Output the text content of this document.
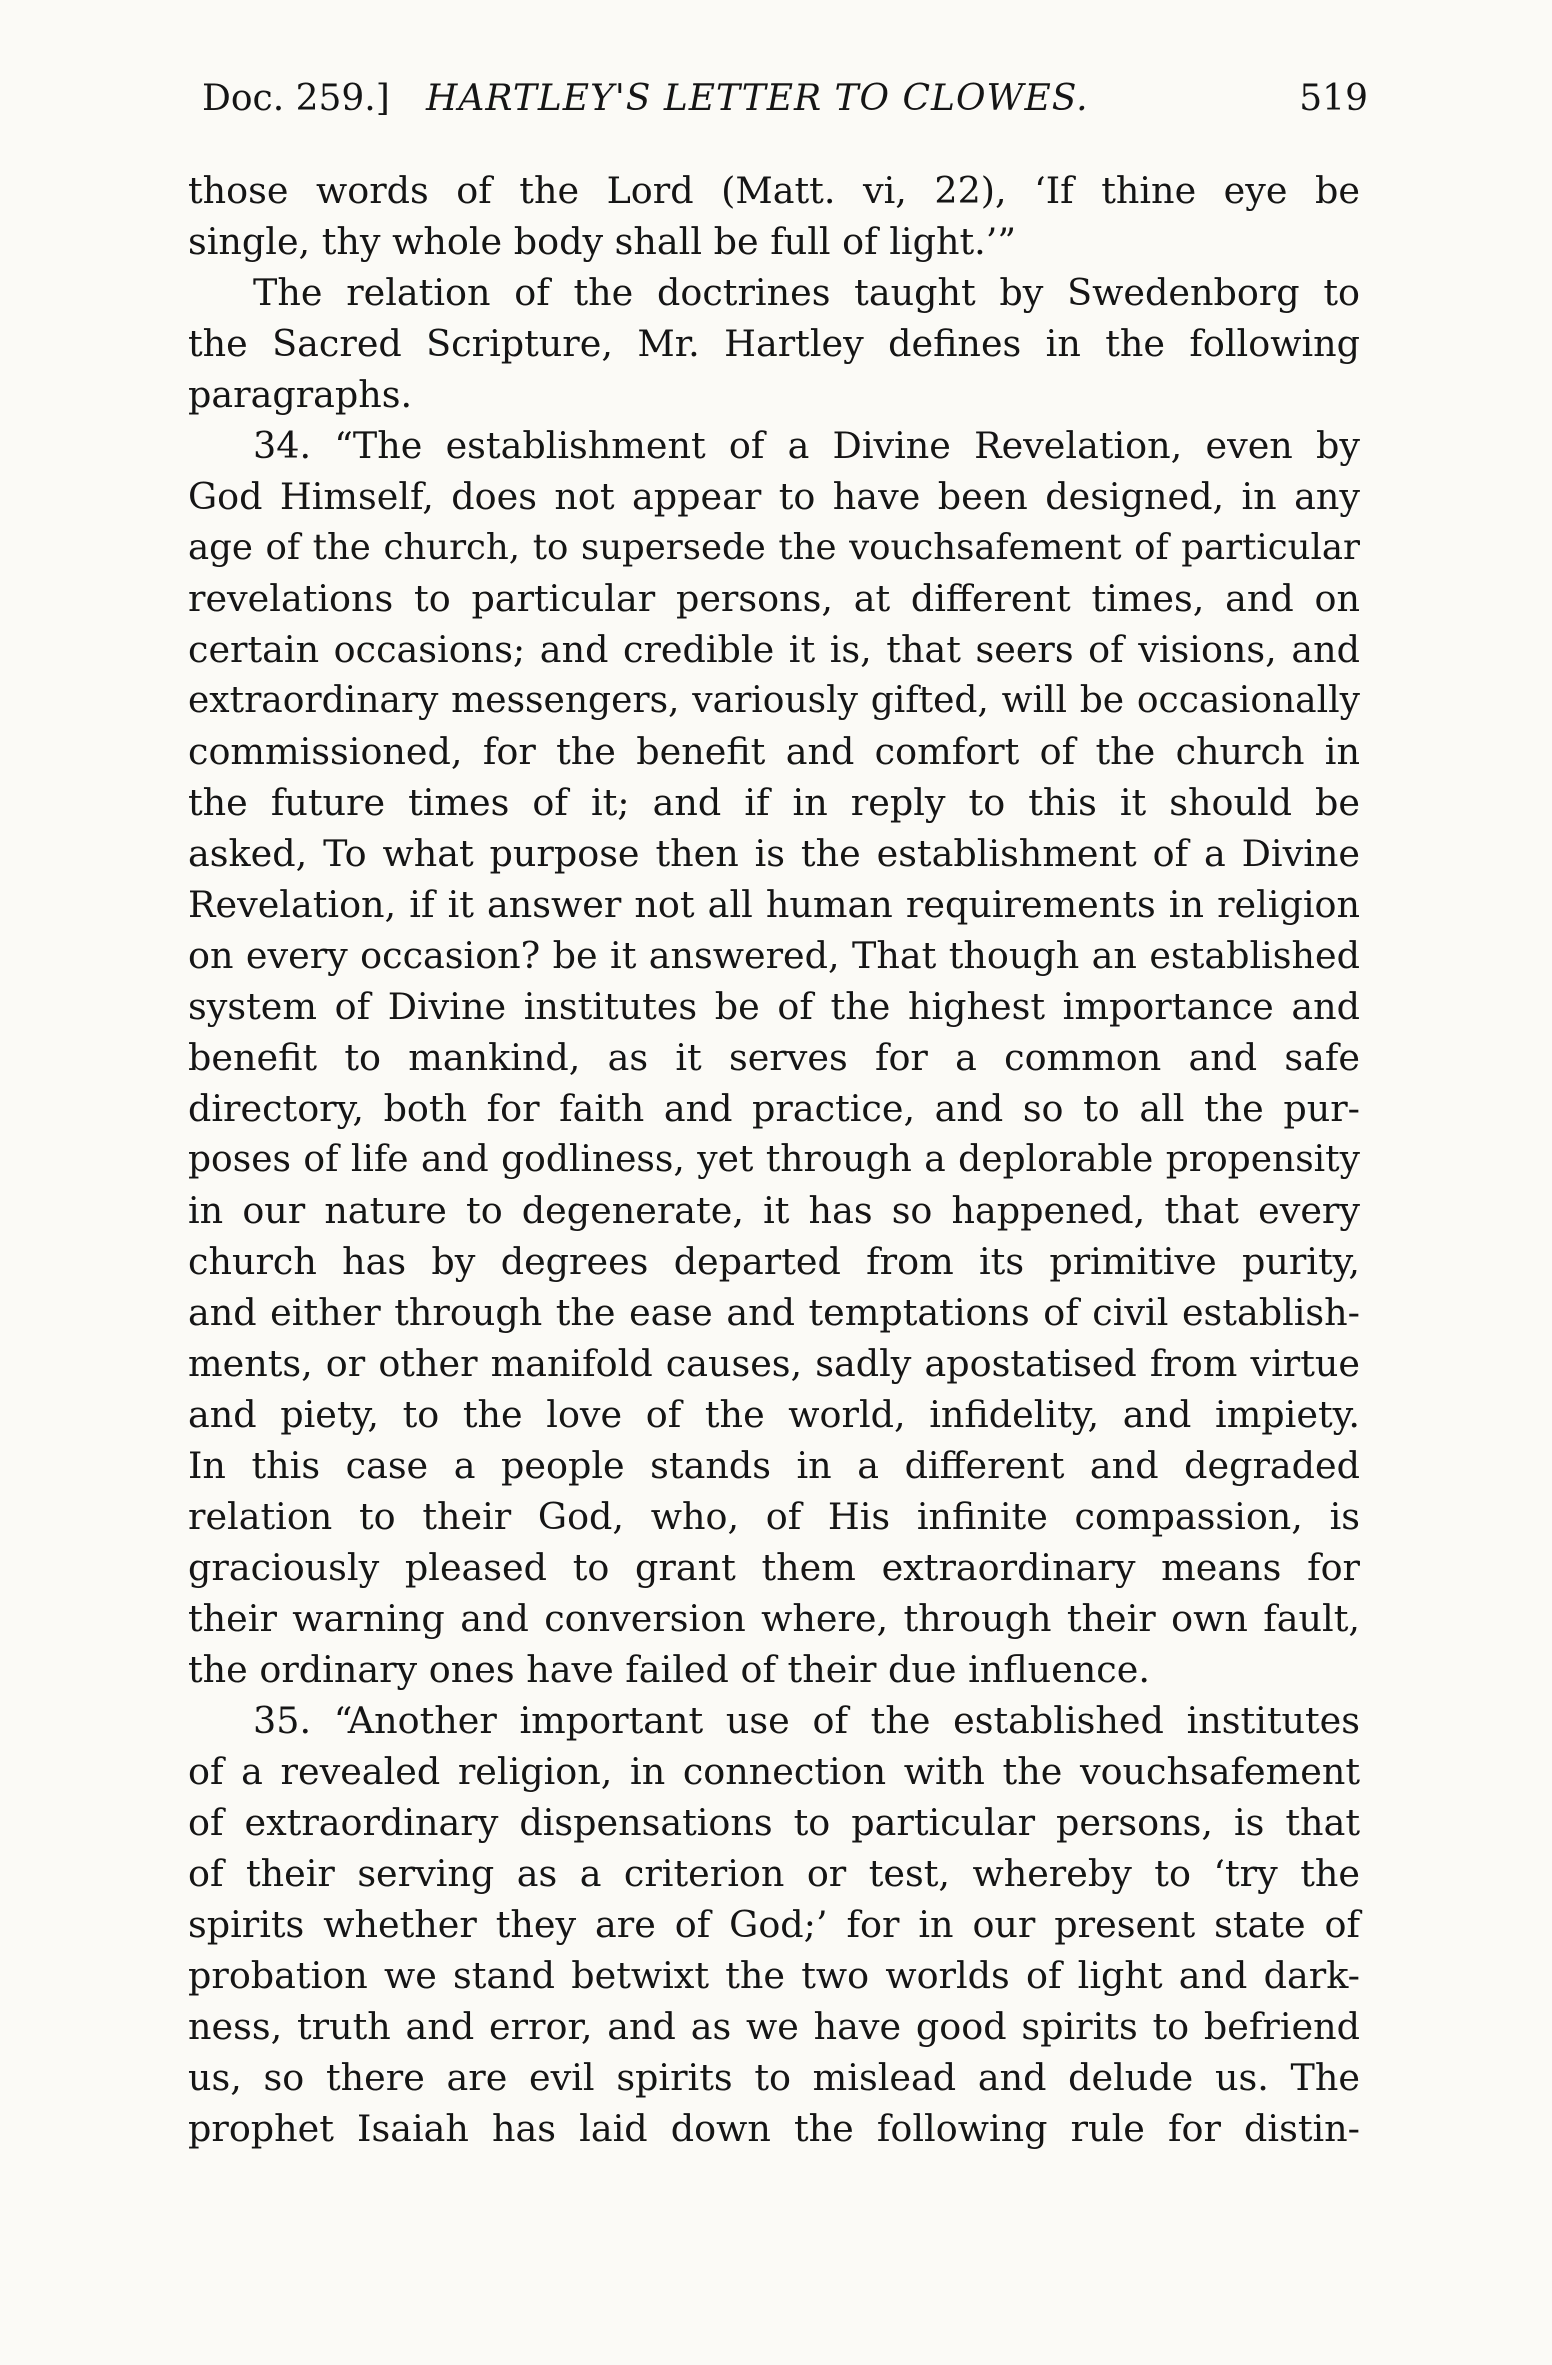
Doc. 259.] HARTLEY'S LETTER TO CLOWES.	519
those words of the Lord (Matt. vi, 22), ‘If thine eye be
single, thy whole body shall be full of light.’”
The relation of the doctrines taught by Swedenborg to
the Sacred Scripture, Mr. Hartley defines in the following
paragraphs.
34. “The establishment of a Divine Revelation, even by
God Himself, does not appear to have been designed, in any
age of the church, to supersede the vouchsafement of particular
revelations to particular persons, at different times, and on
certain occasions; and credible it is, that seers of visions, and
extraordinary messengers, variously gifted, will be occasionally
commissioned, for the benefit and comfort of the church in
the future times of it; and if in reply to this it should be
asked, To what purpose then is the establishment of a Divine
Revelation, if it answer not all human requirements in religion
on every occasion? be it answered, That though an established
system of Divine institutes be of the highest importance and
benefit to mankind, as it serves for a common and safe
directory, both for faith and practice, and so to all the pur-
poses of life and godliness, yet through a deplorable propensity
in our nature to degenerate, it has so happened, that every
church has by degrees departed from its primitive purity,
and either through the ease and temptations of civil establish-
ments, or other manifold causes, sadly apostatised from virtue
and piety, to the love of the world, infidelity, and impiety.
In this case a people stands in a different and degraded
relation to their God, who, of His infinite compassion, is
graciously pleased to grant them extraordinary means for
their warning and conversion where, through their own fault,
the ordinary ones have failed of their due influence.
35. “Another important use of the established institutes
of a revealed religion, in connection with the vouchsafement
of extraordinary dispensations to particular persons, is that
of their serving as a criterion or test, whereby to ‘try the
spirits whether they are of God;’ for in our present state of
probation we stand betwixt the two worlds of light and dark-
ness, truth and error, and as we have good spirits to befriend
us, so there are evil spirits to mislead and delude us. The
prophet Isaiah has laid down the following rule for distin-
